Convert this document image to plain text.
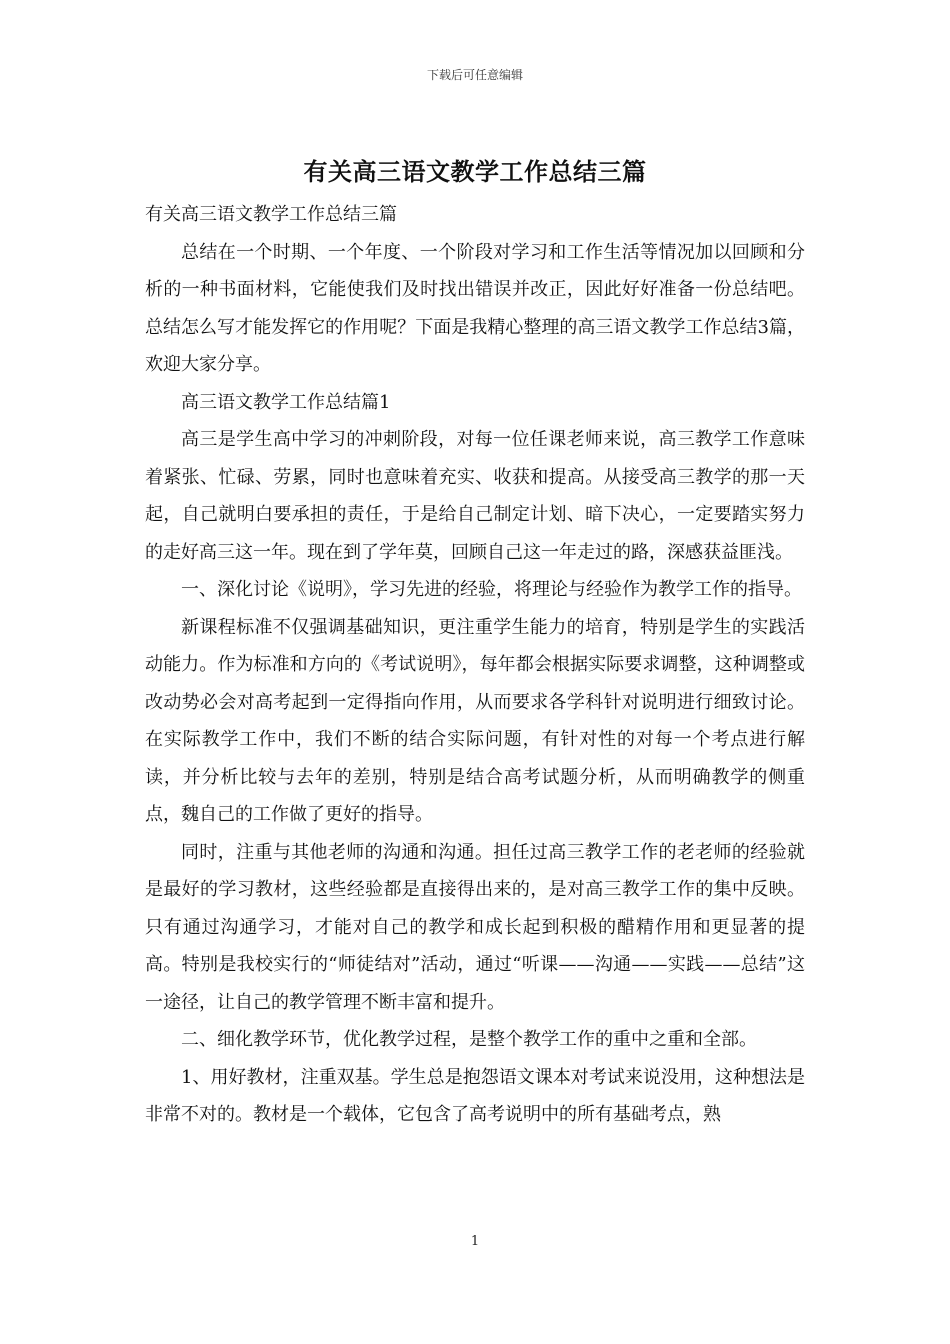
下载后可任意编辑
有关高三语文教学工作总结三篇

有关高三语文教学工作总结三篇

总结在一个时期、一个年度、一个阶段对学习和工作生活等情况加以回顾和分析的一种书面材料，它能使我们及时找出错误并改正，因此好好准备一份总结吧。总结怎么写才能发挥它的作用呢？下面是我精心整理的高三语文教学工作总结3篇，欢迎大家分享。

高三语文教学工作总结篇1

高三是学生高中学习的冲刺阶段，对每一位任课老师来说，高三教学工作意味着紧张、忙碌、劳累，同时也意味着充实、收获和提高。从接受高三教学的那一天起，自己就明白要承担的责任，于是给自己制定计划、暗下决心，一定要踏实努力的走好高三这一年。现在到了学年莫，回顾自己这一年走过的路，深感获益匪浅。

一、深化讨论《说明》，学习先进的经验，将理论与经验作为教学工作的指导。

新课程标准不仅强调基础知识，更注重学生能力的培育，特别是学生的实践活动能力。作为标准和方向的《考试说明》，每年都会根据实际要求调整，这种调整或改动势必会对高考起到一定得指向作用，从而要求各学科针对说明进行细致讨论。在实际教学工作中，我们不断的结合实际问题，有针对性的对每一个考点进行解读，并分析比较与去年的差别，特别是结合高考试题分析，从而明确教学的侧重点，魏自己的工作做了更好的指导。

同时，注重与其他老师的沟通和沟通。担任过高三教学工作的老老师的经验就是最好的学习教材，这些经验都是直接得出来的，是对高三教学工作的集中反映。只有通过沟通学习，才能对自己的教学和成长起到积极的醋精作用和更显著的提高。特别是我校实行的“师徒结对”活动，通过“听课——沟通——实践——总结”这一途径，让自己的教学管理不断丰富和提升。

二、细化教学环节，优化教学过程，是整个教学工作的重中之重和全部。

1、用好教材，注重双基。学生总是抱怨语文课本对考试来说没用，这种想法是非常不对的。教材是一个载体，它包含了高考说明中的所有基础考点，熟

1
